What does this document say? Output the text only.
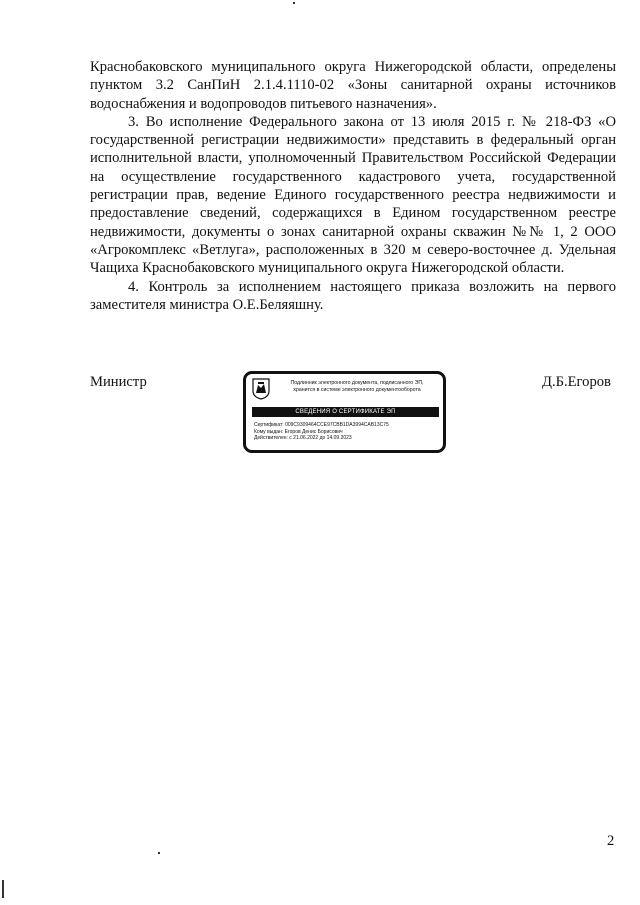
Краснобаковского муниципального округа Нижегородской области, определены пунктом 3.2 СанПиН 2.1.4.1110-02 «Зоны санитарной охраны источников водоснабжения и водопроводов питьевого назначения».

3. Во исполнение Федерального закона от 13 июля 2015 г. № 218-ФЗ «О государственной регистрации недвижимости» представить в федеральный орган исполнительной власти, уполномоченный Правительством Российской Федерации на осуществление государственного кадастрового учета, государственной регистрации прав, ведение Единого государственного реестра недвижимости и предоставление сведений, содержащихся в Едином государственном реестре недвижимости, документы о зонах санитарной охраны скважин №№ 1, 2 ООО «Агрокомплекс «Ветлуга», расположенных в 320 м северо-восточнее д. Удельная Чащиха Краснобаковского муниципального округа Нижегородской области.

4. Контроль за исполнением настоящего приказа возложить на первого заместителя министра О.Е.Беляяшну.

Министр	Подлинник электронного документа, подписанного ЭП,
хранится в системе электронного документооборота
СВЕДЕНИЯ О СЕРТИФИКАТЕ ЭП
Сертификат: 009C9309464CCE97CBB1DA3994CAB13C75
Кому выдан: Егоров Денис Борисович
Действителен: с 21.06.2022 до 14.09.2023
Д.Б.Егоров
2
